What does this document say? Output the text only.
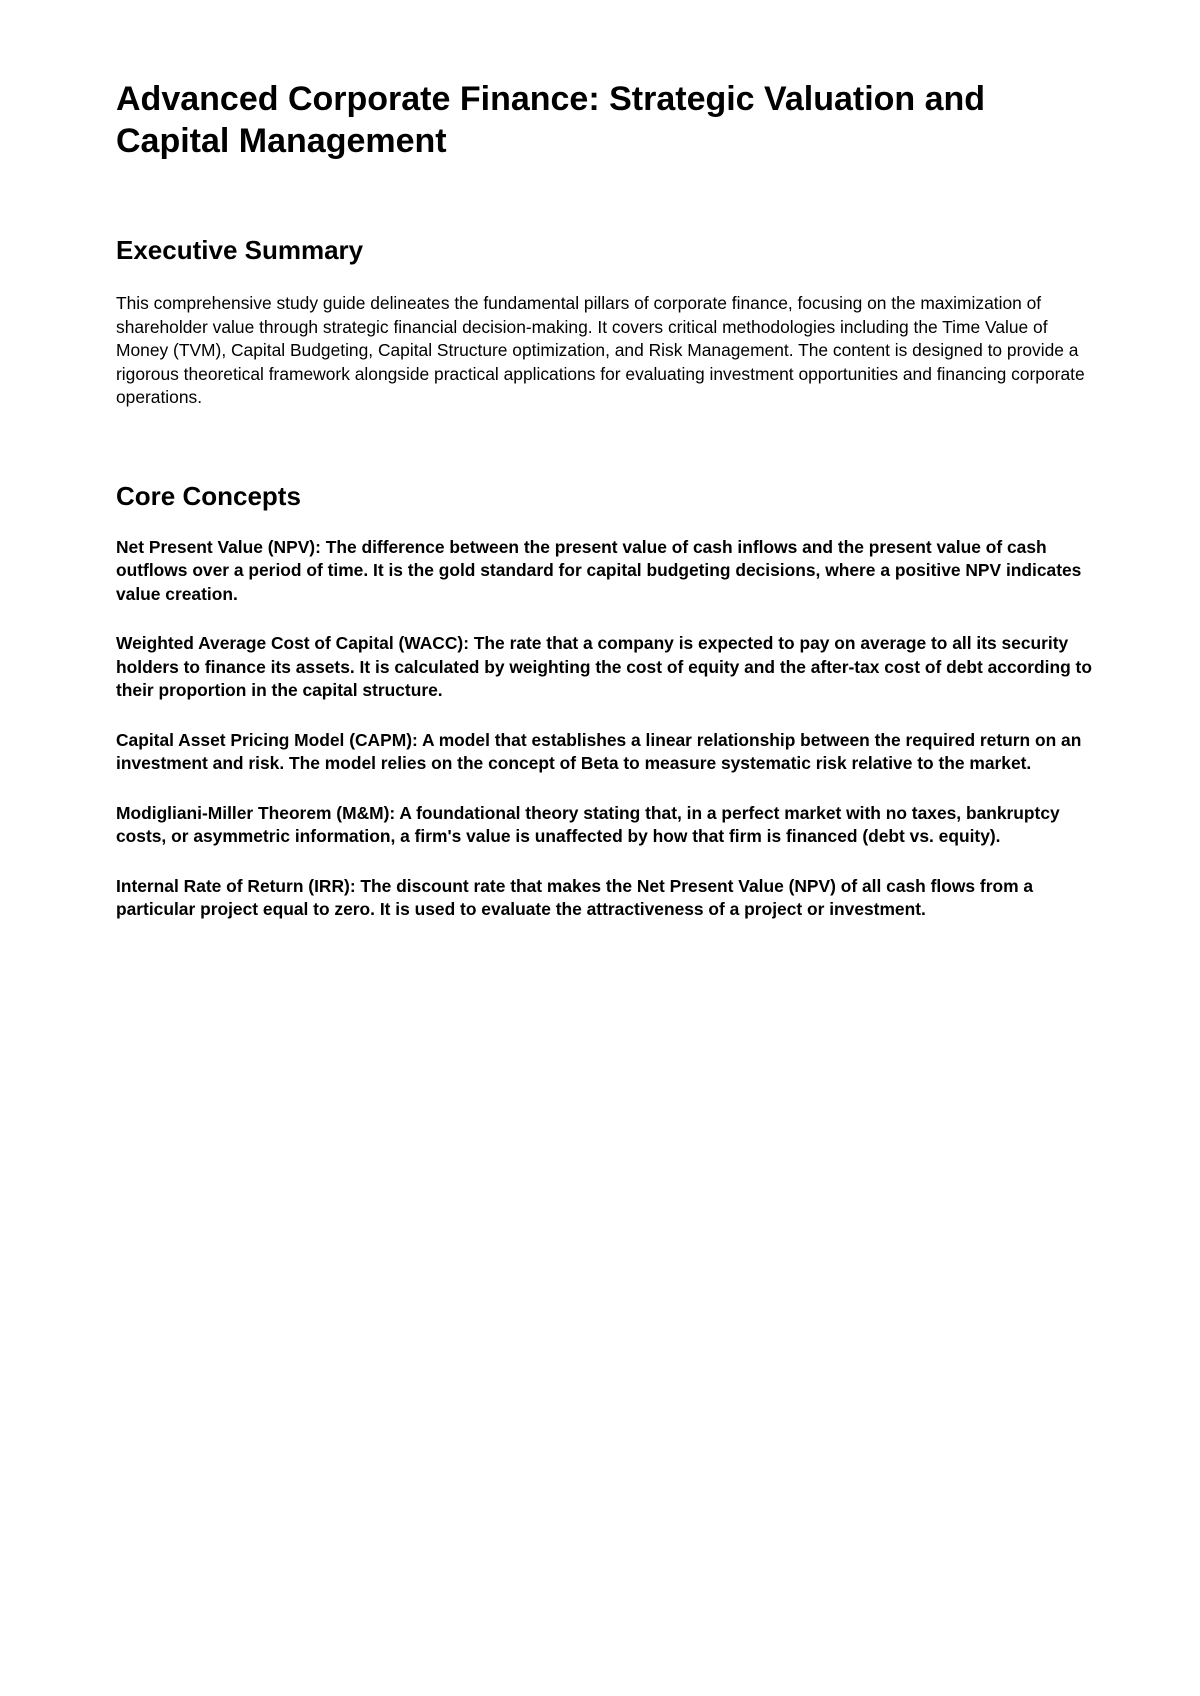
Advanced Corporate Finance: Strategic Valuation and Capital Management
Executive Summary

This comprehensive study guide delineates the fundamental pillars of corporate finance, focusing on the maximization of shareholder value through strategic financial decision-making. It covers critical methodologies including the Time Value of Money (TVM), Capital Budgeting, Capital Structure optimization, and Risk Management. The content is designed to provide a rigorous theoretical framework alongside practical applications for evaluating investment opportunities and financing corporate operations.

Core Concepts

Net Present Value (NPV): The difference between the present value of cash inflows and the present value of cash outflows over a period of time. It is the gold standard for capital budgeting decisions, where a positive NPV indicates value creation.

Weighted Average Cost of Capital (WACC): The rate that a company is expected to pay on average to all its security holders to finance its assets. It is calculated by weighting the cost of equity and the after-tax cost of debt according to their proportion in the capital structure.

Capital Asset Pricing Model (CAPM): A model that establishes a linear relationship between the required return on an investment and risk. The model relies on the concept of Beta to measure systematic risk relative to the market.

Modigliani-Miller Theorem (M&M): A foundational theory stating that, in a perfect market with no taxes, bankruptcy costs, or asymmetric information, a firm's value is unaffected by how that firm is financed (debt vs. equity).

Internal Rate of Return (IRR): The discount rate that makes the Net Present Value (NPV) of all cash flows from a particular project equal to zero. It is used to evaluate the attractiveness of a project or investment.
